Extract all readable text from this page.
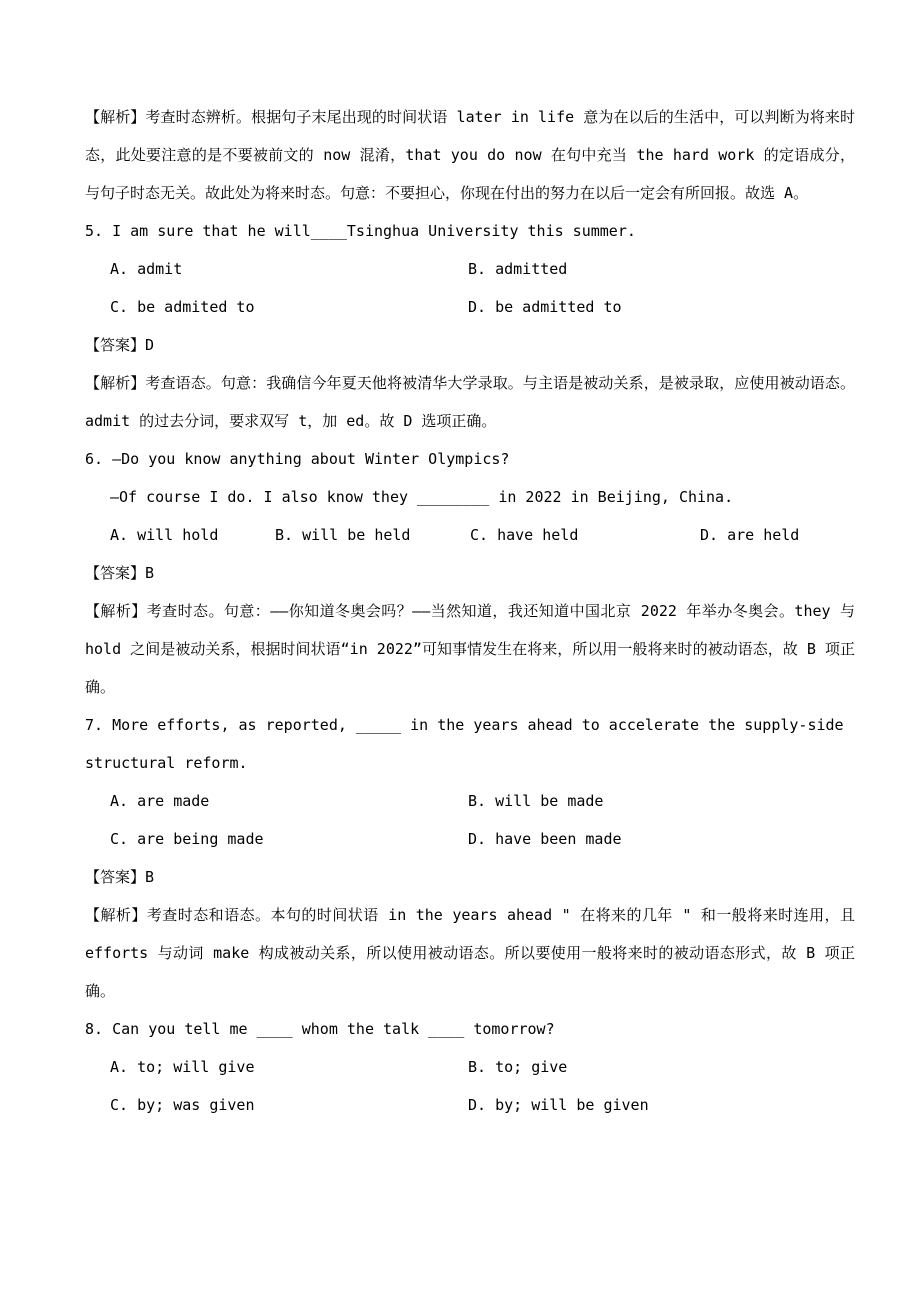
【解析】考查时态辨析。根据句子末尾出现的时间状语 later in life 意为在以后的生活中，可以判断为将来时态，此处要注意的是不要被前文的 now 混淆，that you do now 在句中充当 the hard work 的定语成分，与句子时态无关。故此处为将来时态。句意：不要担心，你现在付出的努力在以后一定会有所回报。故选 A。

5. I am sure that he will____Tsinghua University this summer.

A. admit	B. admitted
C. be admited to	D. be admitted to

【答案】D

【解析】考查语态。句意：我确信今年夏天他将被清华大学录取。与主语是被动关系，是被录取，应使用被动语态。admit 的过去分词，要求双写 t，加 ed。故 D 选项正确。

6. —Do you know anything about Winter Olympics?

—Of course I do. I also know they ________ in 2022 in Beijing, China.

A. will hold	B. will be held	C. have held	D. are held

【答案】B

【解析】考查时态。句意：——你知道冬奥会吗？——当然知道，我还知道中国北京 2022 年举办冬奥会。they 与 hold 之间是被动关系，根据时间状语“in 2022”可知事情发生在将来，所以用一般将来时的被动语态，故 B 项正确。

7. More efforts, as reported, _____ in the years ahead to accelerate the supply-side structural reform.

A. are made	B. will be made
C. are being made	D. have been made

【答案】B

【解析】考查时态和语态。本句的时间状语 in the years ahead " 在将来的几年 " 和一般将来时连用，且 efforts 与动词 make 构成被动关系，所以使用被动语态。所以要使用一般将来时的被动语态形式，故 B 项正确。

8. Can you tell me ____ whom the talk ____ tomorrow?

A. to; will give	B. to; give
C. by; was given	D. by; will be given
